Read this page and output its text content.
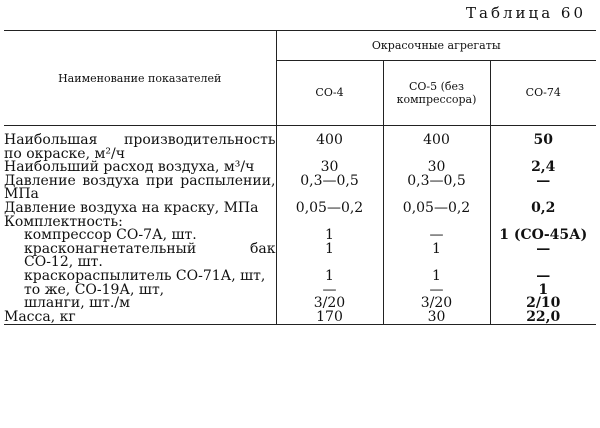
Таблица 60
Наименование показателей	Окрасочные агрегаты		
	СО-4	СО-5 (без компрессора)	СО-74
Наибольшая производительность по окраске, м²/ч	400	400	50
Наибольший расход воздуха, м³/ч	30	30	2,4
Давление воздуха при распылении, МПа	0,3—0,5	0,3—0,5	—
Давление воздуха на краску, МПа	0,05—0,2	0,05—0,2	0,2
Комплектность:			
компрессор СО-7А, шт.	1	—	1 (СО-45А)
красконагнетательный бак СО-12, шт.	1	1	—
краскораспылитель СО-71А, шт,	1	1	—
то же, СО-19А, шт,	—	—	1
шланги, шт./м	3/20	3/20	2/10
Масса, кг	170	30	22,0
